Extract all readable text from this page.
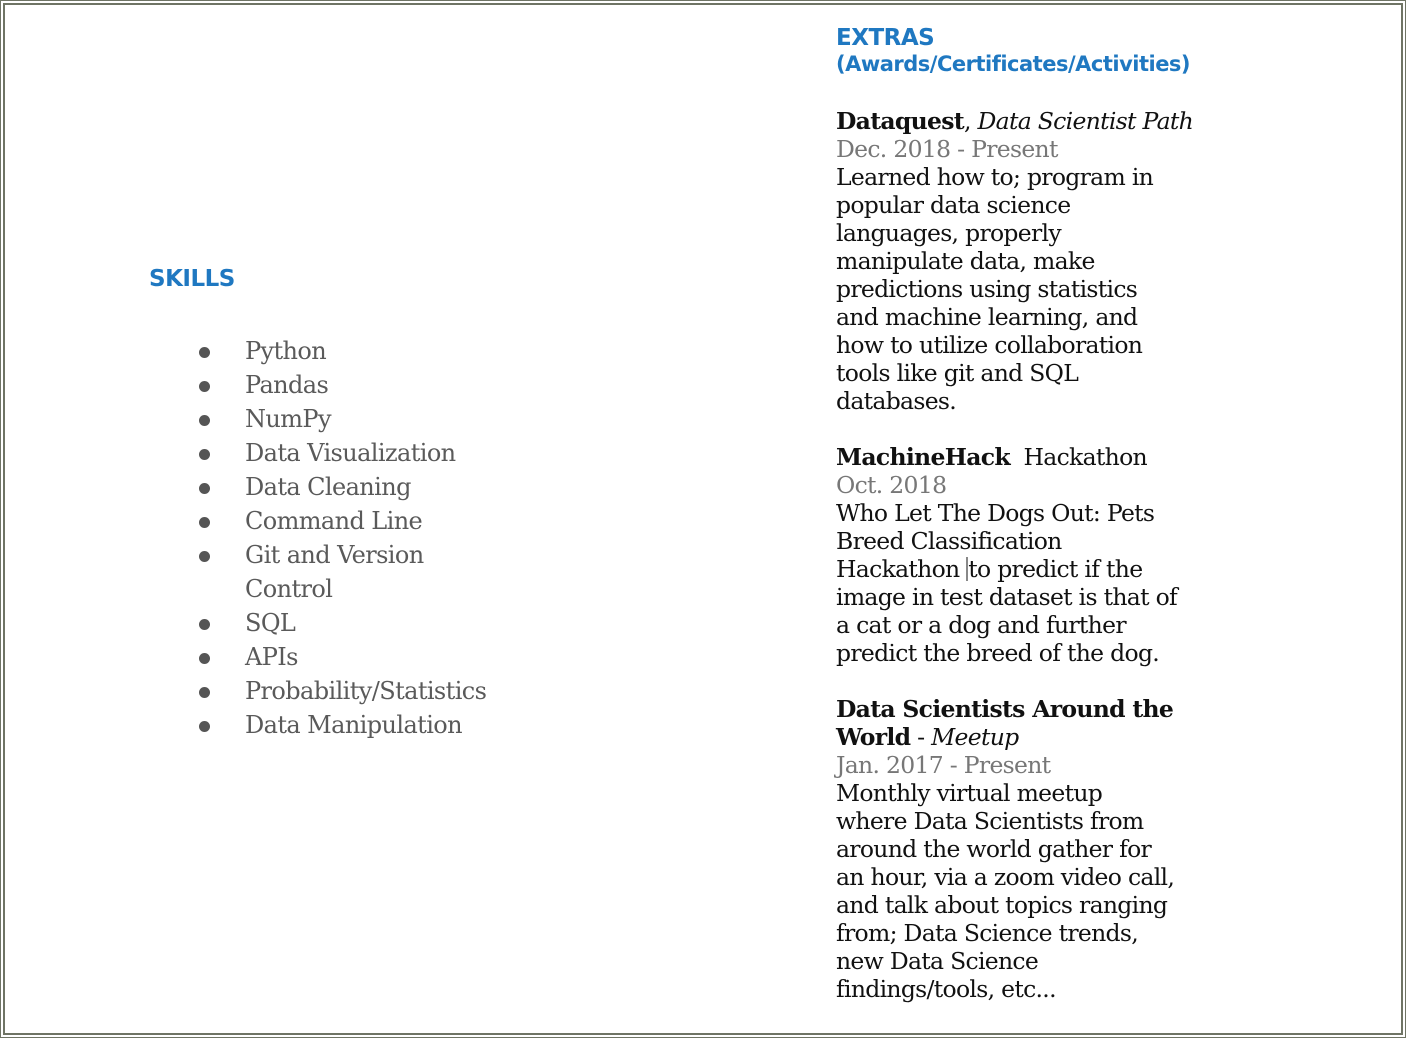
SKILLS
Python
Pandas
NumPy
Data Visualization
Data Cleaning
Command Line
Git and Version Control
SQL
APIs
Probability/Statistics
Data Manipulation
EXTRAS
(Awards/Certificates/Activities)
Dataquest, Data Scientist Path
Dec. 2018 - Present
Learned how to; program in
popular data science
languages, properly
manipulate data, make
predictions using statistics
and machine learning, and
how to utilize collaboration
tools like git and SQL
databases.
MachineHack Hackathon
Oct. 2018
Who Let The Dogs Out: Pets
Breed Classification
Hackathon to predict if the
image in test dataset is that of
a cat or a dog and further
predict the breed of the dog.
Data Scientists Around the
World - Meetup
Jan. 2017 - Present
Monthly virtual meetup
where Data Scientists from
around the world gather for
an hour, via a zoom video call,
and talk about topics ranging
from; Data Science trends,
new Data Science
findings/tools, etc...
